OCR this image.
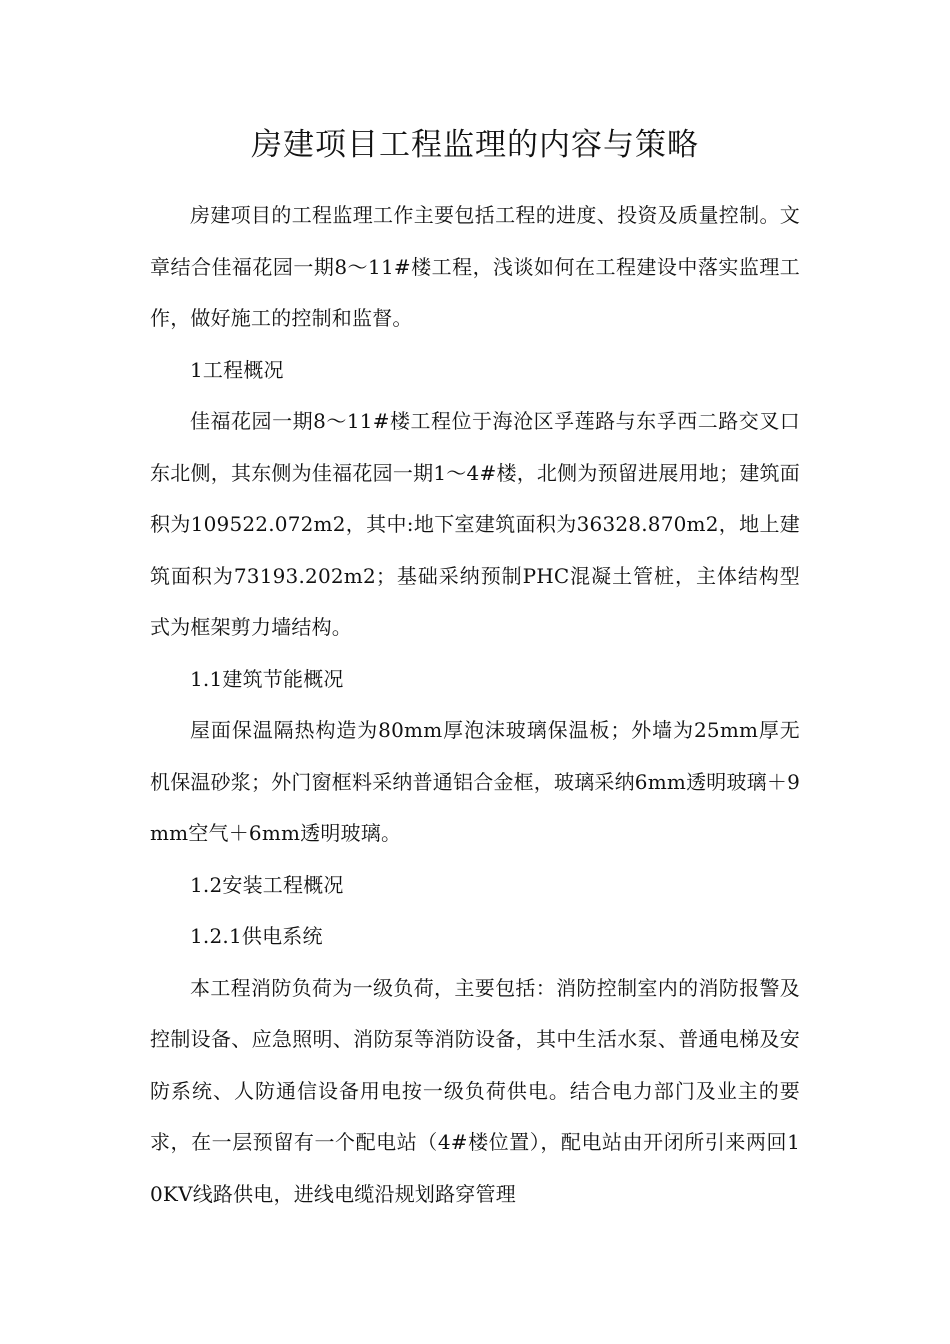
房建项目工程监理的内容与策略

房建项目的工程监理工作主要包括工程的进度、投资及质量控制。文章结合佳福花园一期8～11#楼工程，浅谈如何在工程建设中落实监理工作，做好施工的控制和监督。

1工程概况

佳福花园一期8～11#楼工程位于海沧区孚莲路与东孚西二路交叉口东北侧，其东侧为佳福花园一期1～4#楼，北侧为预留进展用地；建筑面积为109522.072m2，其中:地下室建筑面积为36328.870m2，地上建筑面积为73193.202m2；基础采纳预制PHC混凝土管桩，主体结构型式为框架剪力墙结构。

1.1建筑节能概况

屋面保温隔热构造为80mm厚泡沫玻璃保温板；外墙为25mm厚无机保温砂浆；外门窗框料采纳普通铝合金框，玻璃采纳6mm透明玻璃＋9mm空气＋6mm透明玻璃。

1.2安装工程概况

1.2.1供电系统

本工程消防负荷为一级负荷，主要包括：消防控制室内的消防报警及控制设备、应急照明、消防泵等消防设备，其中生活水泵、普通电梯及安防系统、人防通信设备用电按一级负荷供电。结合电力部门及业主的要求，在一层预留有一个配电站（4#楼位置），配电站由开闭所引来两回10KV线路供电，进线电缆沿规划路穿管理
